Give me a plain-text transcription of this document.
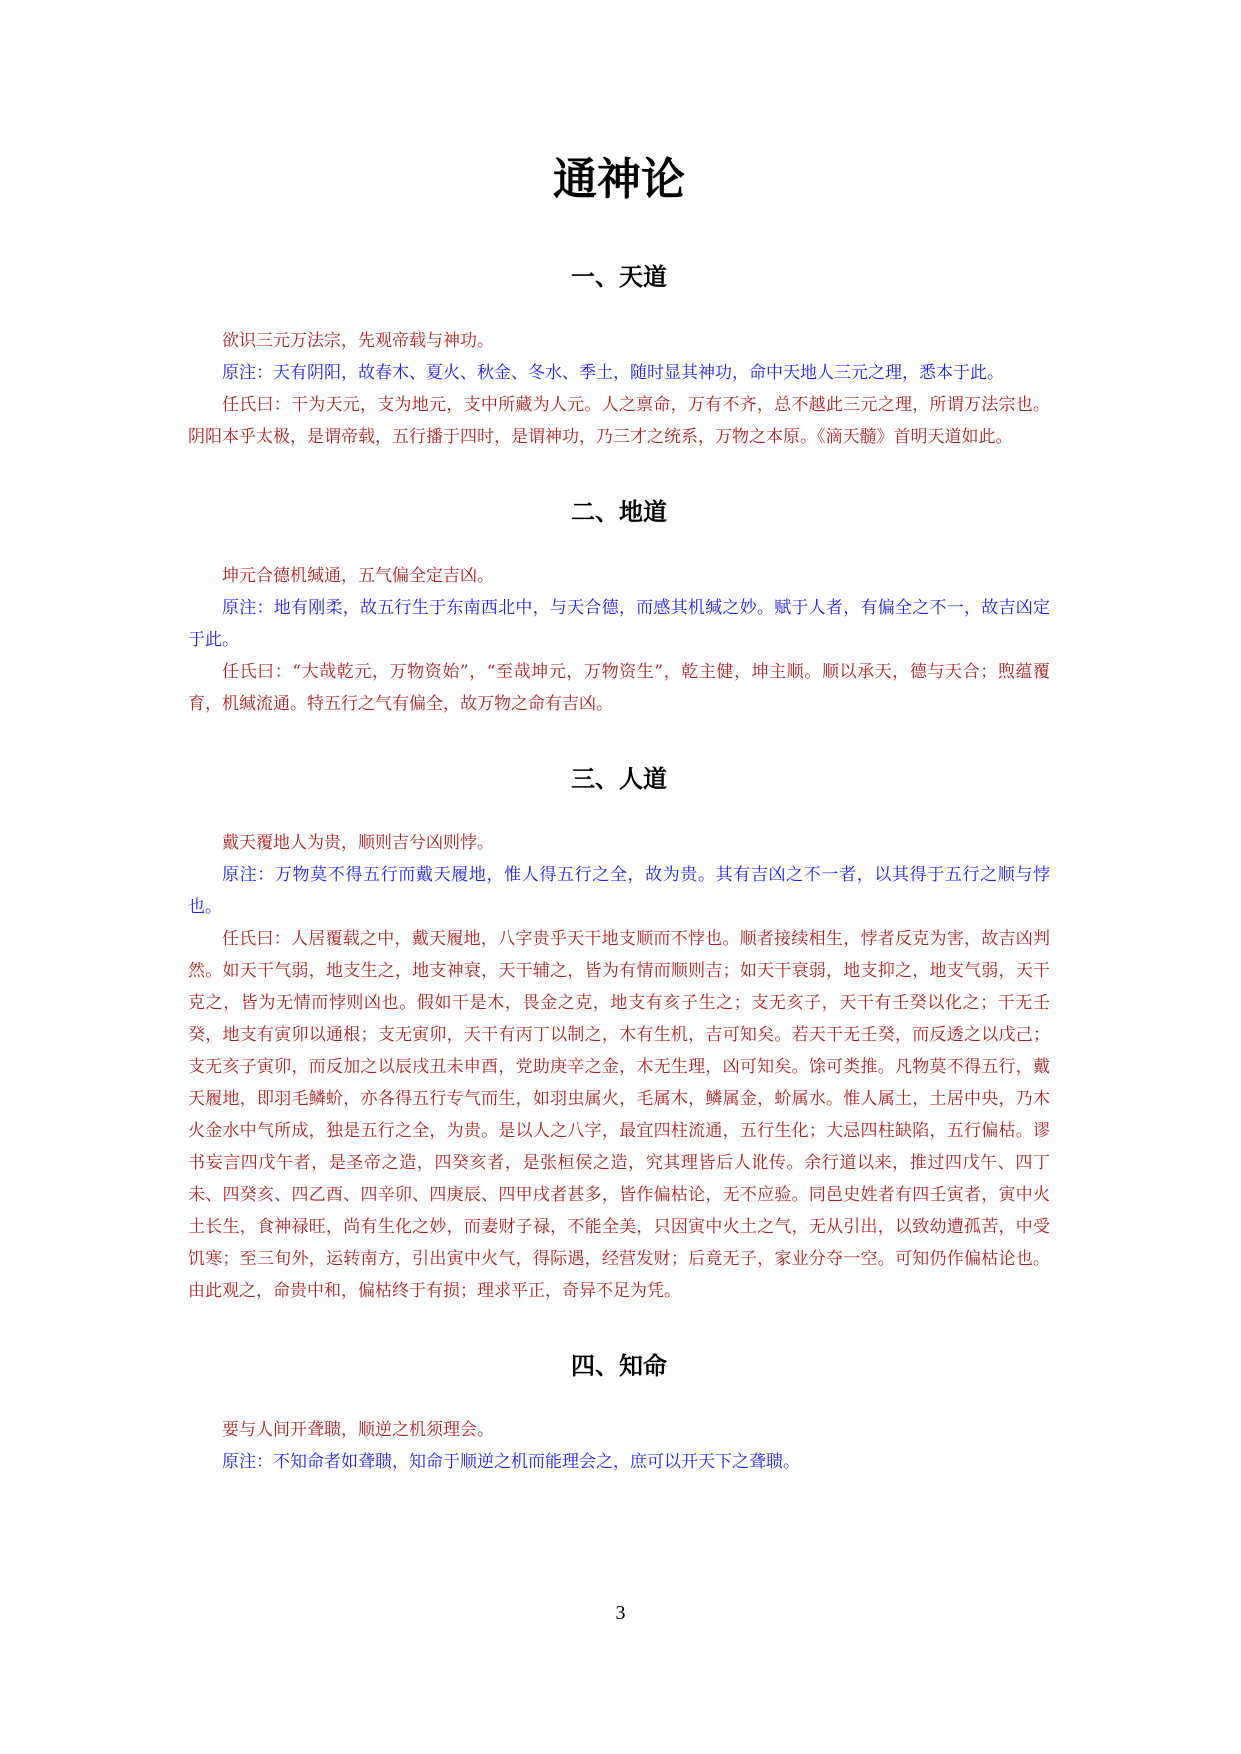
通神论
一、天道

欲识三元万法宗，先观帝载与神功。

原注：天有阴阳，故春木、夏火、秋金、冬水、季土，随时显其神功，命中天地人三元之理，悉本于此。

任氏曰：干为天元，支为地元，支中所藏为人元。人之禀命，万有不齐，总不越此三元之理，所谓万法宗也。阴阳本乎太极，是谓帝载，五行播于四时，是谓神功，乃三才之统系，万物之本原。《滴天髓》首明天道如此。

二、地道

坤元合德机缄通，五气偏全定吉凶。

原注：地有刚柔，故五行生于东南西北中，与天合德，而感其机缄之妙。赋于人者，有偏全之不一，故吉凶定于此。

任氏曰：“大哉乾元，万物资始”，“至哉坤元，万物资生”，乾主健，坤主顺。顺以承天，德与天合；煦蕴覆育，机缄流通。特五行之气有偏全，故万物之命有吉凶。

三、人道

戴天覆地人为贵，顺则吉兮凶则悖。

原注：万物莫不得五行而戴天履地，惟人得五行之全，故为贵。其有吉凶之不一者，以其得于五行之顺与悖也。

任氏曰：人居覆载之中，戴天履地，八字贵乎天干地支顺而不悖也。顺者接续相生，悖者反克为害，故吉凶判然。如天干气弱，地支生之，地支神衰，天干辅之，皆为有情而顺则吉；如天干衰弱，地支抑之，地支气弱，天干克之，皆为无情而悖则凶也。假如干是木，畏金之克，地支有亥子生之；支无亥子，天干有壬癸以化之；干无壬癸，地支有寅卯以通根；支无寅卯，天干有丙丁以制之，木有生机，吉可知矣。若天干无壬癸，而反透之以戊己；支无亥子寅卯，而反加之以辰戌丑未申酉，党助庚辛之金，木无生理，凶可知矣。馀可类推。凡物莫不得五行，戴天履地，即羽毛鳞蚧，亦各得五行专气而生，如羽虫属火，毛属木，鳞属金，蚧属水。惟人属土，土居中央，乃木火金水中气所成，独是五行之全，为贵。是以人之八字，最宜四柱流通，五行生化；大忌四柱缺陷，五行偏枯。谬书妄言四戊午者，是圣帝之造，四癸亥者，是张桓侯之造，究其理皆后人讹传。余行道以来，推过四戊午、四丁未、四癸亥、四乙酉、四辛卯、四庚辰、四甲戌者甚多，皆作偏枯论，无不应验。同邑史姓者有四壬寅者，寅中火土长生，食神禄旺，尚有生化之妙，而妻财子禄，不能全美，只因寅中火土之气，无从引出，以致幼遭孤苦，中受饥寒；至三旬外，运转南方，引出寅中火气，得际遇，经营发财；后竟无子，家业分夺一空。可知仍作偏枯论也。由此观之，命贵中和，偏枯终于有损；理求平正，奇异不足为凭。

四、知命

要与人间开聋聩，顺逆之机须理会。

原注：不知命者如聋聩，知命于顺逆之机而能理会之，庶可以开天下之聋聩。

3
